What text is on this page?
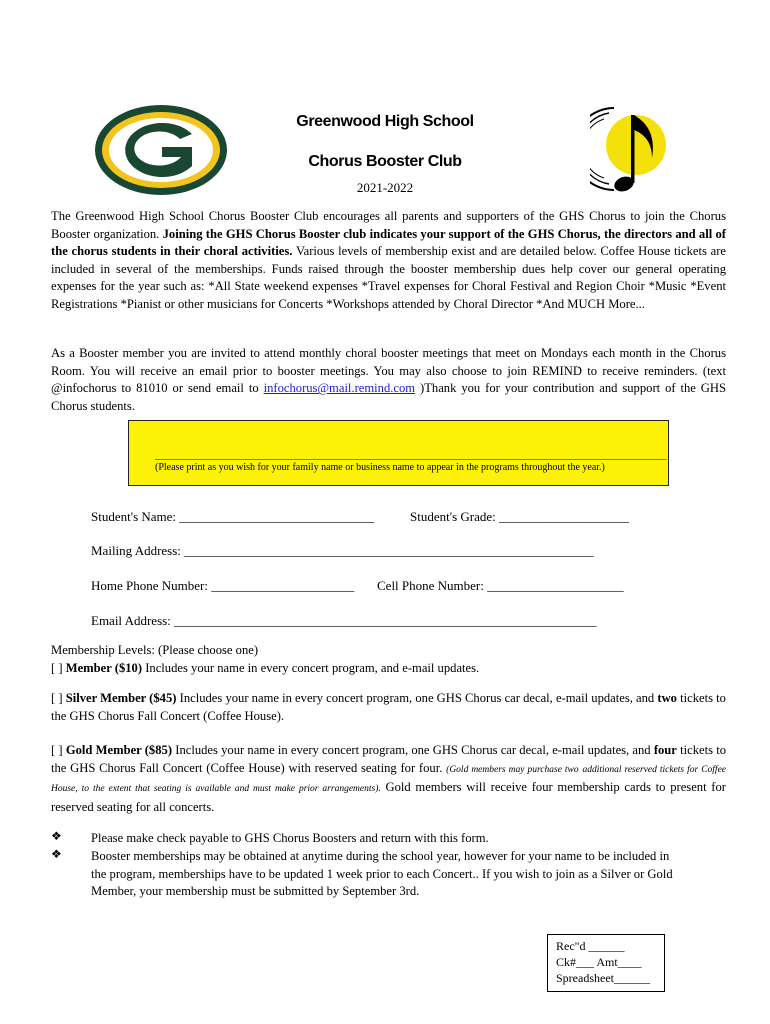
Greenwood High School
Chorus Booster Club
2021-2022
The Greenwood High School Chorus Booster Club encourages all parents and supporters of the GHS Chorus to join the Chorus Booster organization. Joining the GHS Chorus Booster club indicates your support of the GHS Chorus, the directors and all of the chorus students in their choral activities. Various levels of membership exist and are detailed below. Coffee House tickets are included in several of the memberships. Funds raised through the booster membership dues help cover our general operating expenses for the year such as: *All State weekend expenses *Travel expenses for Choral Festival and Region Choir *Music *Event Registrations *Pianist or other musicians for Concerts *Workshops attended by Choral Director *And MUCH More...
As a Booster member you are invited to attend monthly choral booster meetings that meet on Mondays each month in the Chorus Room. You will receive an email prior to booster meetings. You may also choose to join REMIND to receive reminders. (text @infochorus to 81010 or send email to infochorus@mail.remind.com )Thank you for your contribution and support of the GHS Chorus students.
(Please print as you wish for your family name or business name to appear in the programs throughout the year.)
Student's Name: ______________________________	Student's Grade: ____________________
Mailing Address: _______________________________________________________________
Home Phone Number: ______________________ Cell Phone Number: _____________________
Email Address: _________________________________________________________________
Membership Levels: (Please choose one)
[ ] Member ($10) Includes your name in every concert program, and e-mail updates.
[ ] Silver Member ($45) Includes your name in every concert program, one GHS Chorus car decal, e-mail updates, and two tickets to the GHS Chorus Fall Concert (Coffee House).
[ ] Gold Member ($85) Includes your name in every concert program, one GHS Chorus car decal, e-mail updates, and four tickets to the GHS Chorus Fall Concert (Coffee House) with reserved seating for four. (Gold members may purchase two additional reserved tickets for Coffee House, to the extent that seating is available and must make prior arrangements). Gold members will receive four membership cards to present for reserved seating for all concerts.
❖ Please make check payable to GHS Chorus Boosters and return with this form.
❖ Booster memberships may be obtained at anytime during the school year, however for your name to be included in
the program, memberships have to be updated 1 week prior to each Concert.. If you wish to join as a Silver or Gold
Member, your membership must be submitted by September 3rd.
Rec"d ______
Ck#___ Amt____
Spreadsheet______
